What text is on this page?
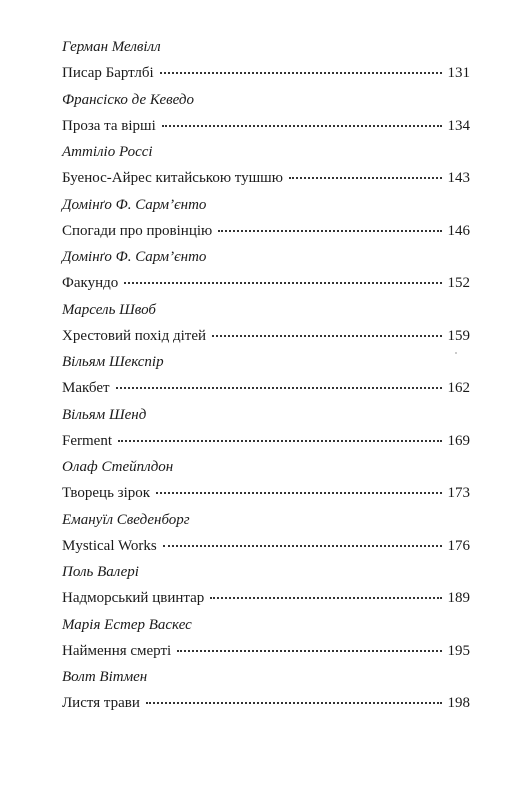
Герман Мелвілл
Писар Бартлбі	131
Франсіско де Кеведо
Проза та вірші	134
Аттіліо Россі
Буенос-Айрес китайською тушшю	143
Домінґо Ф. Сарм’єнто
Спогади про провінцію	146
Домінґо Ф. Сарм’єнто
Факундо	152
Марсель Швоб
Хрестовий похід дітей	159
Вільям Шекспір
Макбет	162
Вільям Шенд
Ferment	169
Олаф Стейплдон
Творець зірок	173
Емануїл Сведенборг
Mystical Works	176
Поль Валері
Надморський цвинтар	189
Марія Естер Васкес
Наймення смерті	195
Волт Вітмен
Листя трави	198
